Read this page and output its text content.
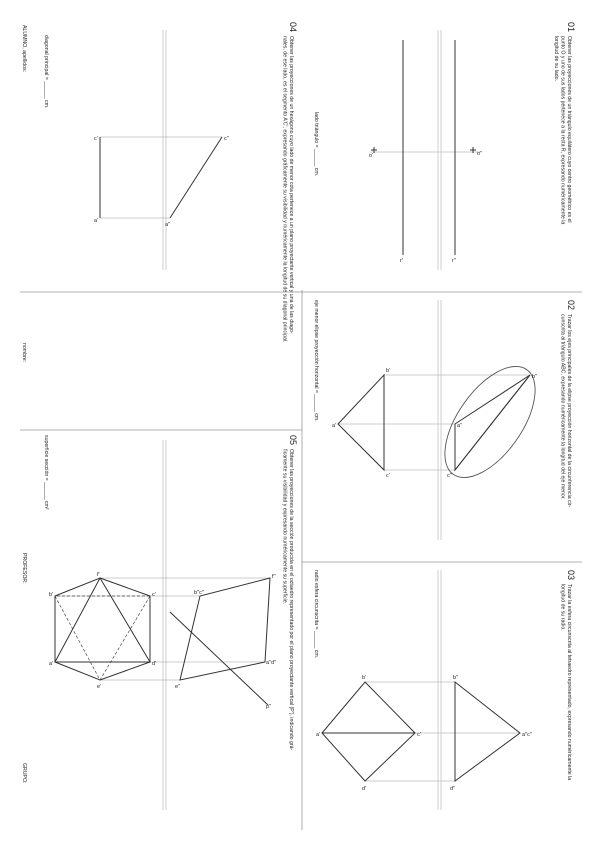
01
Obtener las proyecciones de un triángulo equilátero cuyo centro geométrico es el
punto O y uno de sus lados pertenece a la recta R, expresando numéricamente la
longitud de su lado.
o''
o'
r''
r'
lado triángulo = ______ cm.
02
Trazar los ejes principales de la elipse proyección horizontal de la circunferencia cir-
cunscrita al triángulo ABC, expresando numéricamente la longitud del eje menor.
b''
a''
c''
b'
a'
c'
eje menor elipse proyección horizontal = ______ cm.
03
Trazar la esfera circunscrita al tetraedro representado, expresando numéricamente la
longitud de su radio.
b''
a''c''
d''
b'
a'	c'
d'
radio esfera circunscrita = ______ cm.
04
Obtener las proyecciones de un hexágono cuyo lado de menor cota pertenece a un plano proyectante vertical y una de las diago-
nales, de ese lado, es el segmento A'C', expresando gráficamente su visibilidad y numéricamente la longitud de su diagonal principal.
c''
a''
c'
a'
diagonal principal = ______ cm.
05
Obtener las proyecciones de la sección producida en el octaedro representado por el plano proyectante vertical (P'), indicando grá-
ficamente su visibilidad y expresando numéricamente su superficie.
f''
b''c''
a''d''
e''
p''
b'
f'
c'
a'
e'
d'
superficie sección = ______ cm²
ALUMNO, apellidos:
nombre:
PROFESOR:
GRUPO:
